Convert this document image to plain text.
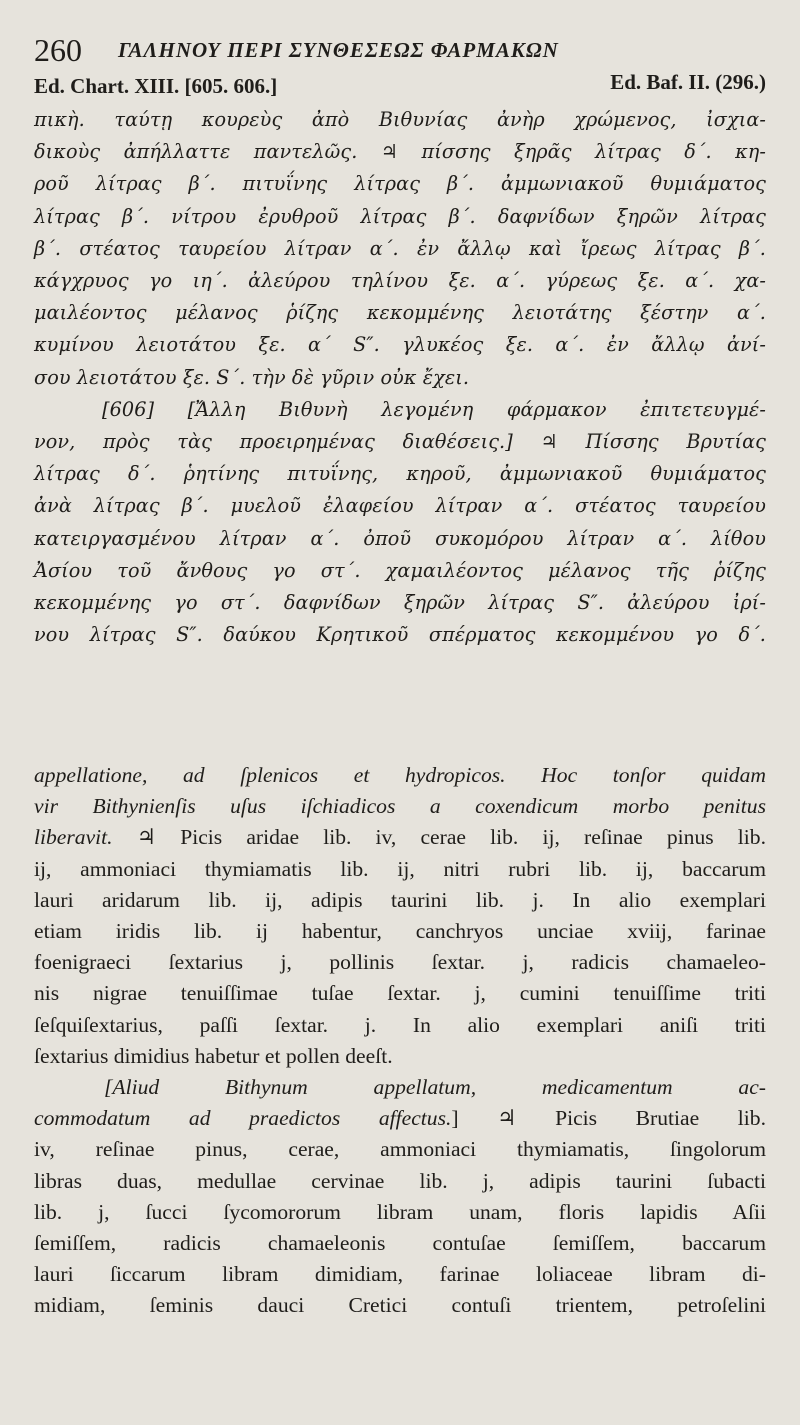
260 ΓΑΛΗΝΟΥ ΠΕΡΙ ΣΥΝΘΕΣΕΩΣ ΦΑΡΜΑΚΩΝ
Ed. Chart. XIII. [605. 606.]	Ed. Baf. II. (296.)
πικὴ. ταύτῃ κουρεὺς ἀπὸ Βιθυνίας ἀνὴρ χρώμενος, ἰσχια-
δικοὺς ἀπήλλαττε παντελῶς. ♃ πίσσης ξηρᾶς λίτρας δ΄. κη-
ροῦ λίτρας β΄. πιτυΐνης λίτρας β΄. ἀμμωνιακοῦ θυμιάματος
λίτρας β΄. νίτρου ἐρυθροῦ λίτρας β΄. δαφνίδων ξηρῶν λίτρας
β΄. στέατος ταυρείου λίτραν α΄. ἐν ἄλλῳ καὶ ἴρεως λίτρας β΄.
κάγχρυος γο ιη΄. ἀλεύρου τηλίνου ξε. α΄. γύρεως ξε. α΄. χα-
μαιλέοντος μέλανος ῥίζης κεκομμένης λειοτάτης ξέστην α΄.
κυμίνου λειοτάτου ξε. α΄ S″. γλυκέος ξε. α΄. ἐν ἄλλῳ ἀνί-
σου λειοτάτου ξε. S΄. τὴν δὲ γῦριν οὐκ ἔχει.
[606] [Ἄλλη Βιθυνὴ λεγομένη φάρμακον ἐπιτετευγμέ-
νον, πρὸς τὰς προειρημένας διαθέσεις.] ♃ Πίσσης Βρυτίας
λίτρας δ΄. ῥητίνης πιτυΐνης, κηροῦ, ἀμμωνιακοῦ θυμιάματος
ἀνὰ λίτρας β΄. μυελοῦ ἐλαφείου λίτραν α΄. στέατος ταυρείου
κατειργασμένου λίτραν α΄. ὀποῦ συκομόρου λίτραν α΄. λίθου
Ἀσίου τοῦ ἄνθους γο στ΄. χαμαιλέοντος μέλανος τῆς ῥίζης
κεκομμένης γο στ΄. δαφνίδων ξηρῶν λίτρας S″. ἀλεύρου ἰρί-
νου λίτρας S″. δαύκου Κρητικοῦ σπέρματος κεκομμένου γο δ΄.
appellatione, ad ſplenicos et hydropicos. Hoc tonſor quidam
vir Bithynienſis uſus iſchiadicos a coxendicum morbo penitus
liberavit. ♃ Picis aridae lib. iv, cerae lib. ij, reſinae pinus lib.
ij, ammoniaci thymiamatis lib. ij, nitri rubri lib. ij, baccarum
lauri aridarum lib. ij, adipis taurini lib. j. In alio exemplari
etiam iridis lib. ij habentur, canchryos unciae xviij, farinae
foenigraeci ſextarius j, pollinis ſextar. j, radicis chamaeleo-
nis nigrae tenuiſſimae tuſae ſextar. j, cumini tenuiſſime triti
ſeſquiſextarius, paſſi ſextar. j. In alio exemplari aniſi triti
ſextarius dimidius habetur et pollen deeſt.
[Aliud Bithynum appellatum, medicamentum ac-
commodatum ad praedictos affectus.] ♃ Picis Brutiae lib.
iv, reſinae pinus, cerae, ammoniaci thymiamatis, ſingolorum
libras duas, medullae cervinae lib. j, adipis taurini ſubacti
lib. j, ſucci ſycomororum libram unam, floris lapidis Aſii
ſemiſſem, radicis chamaeleonis contuſae ſemiſſem, baccarum
lauri ſiccarum libram dimidiam, farinae loliaceae libram di-
midiam, ſeminis dauci Cretici contuſi trientem, petroſelini
